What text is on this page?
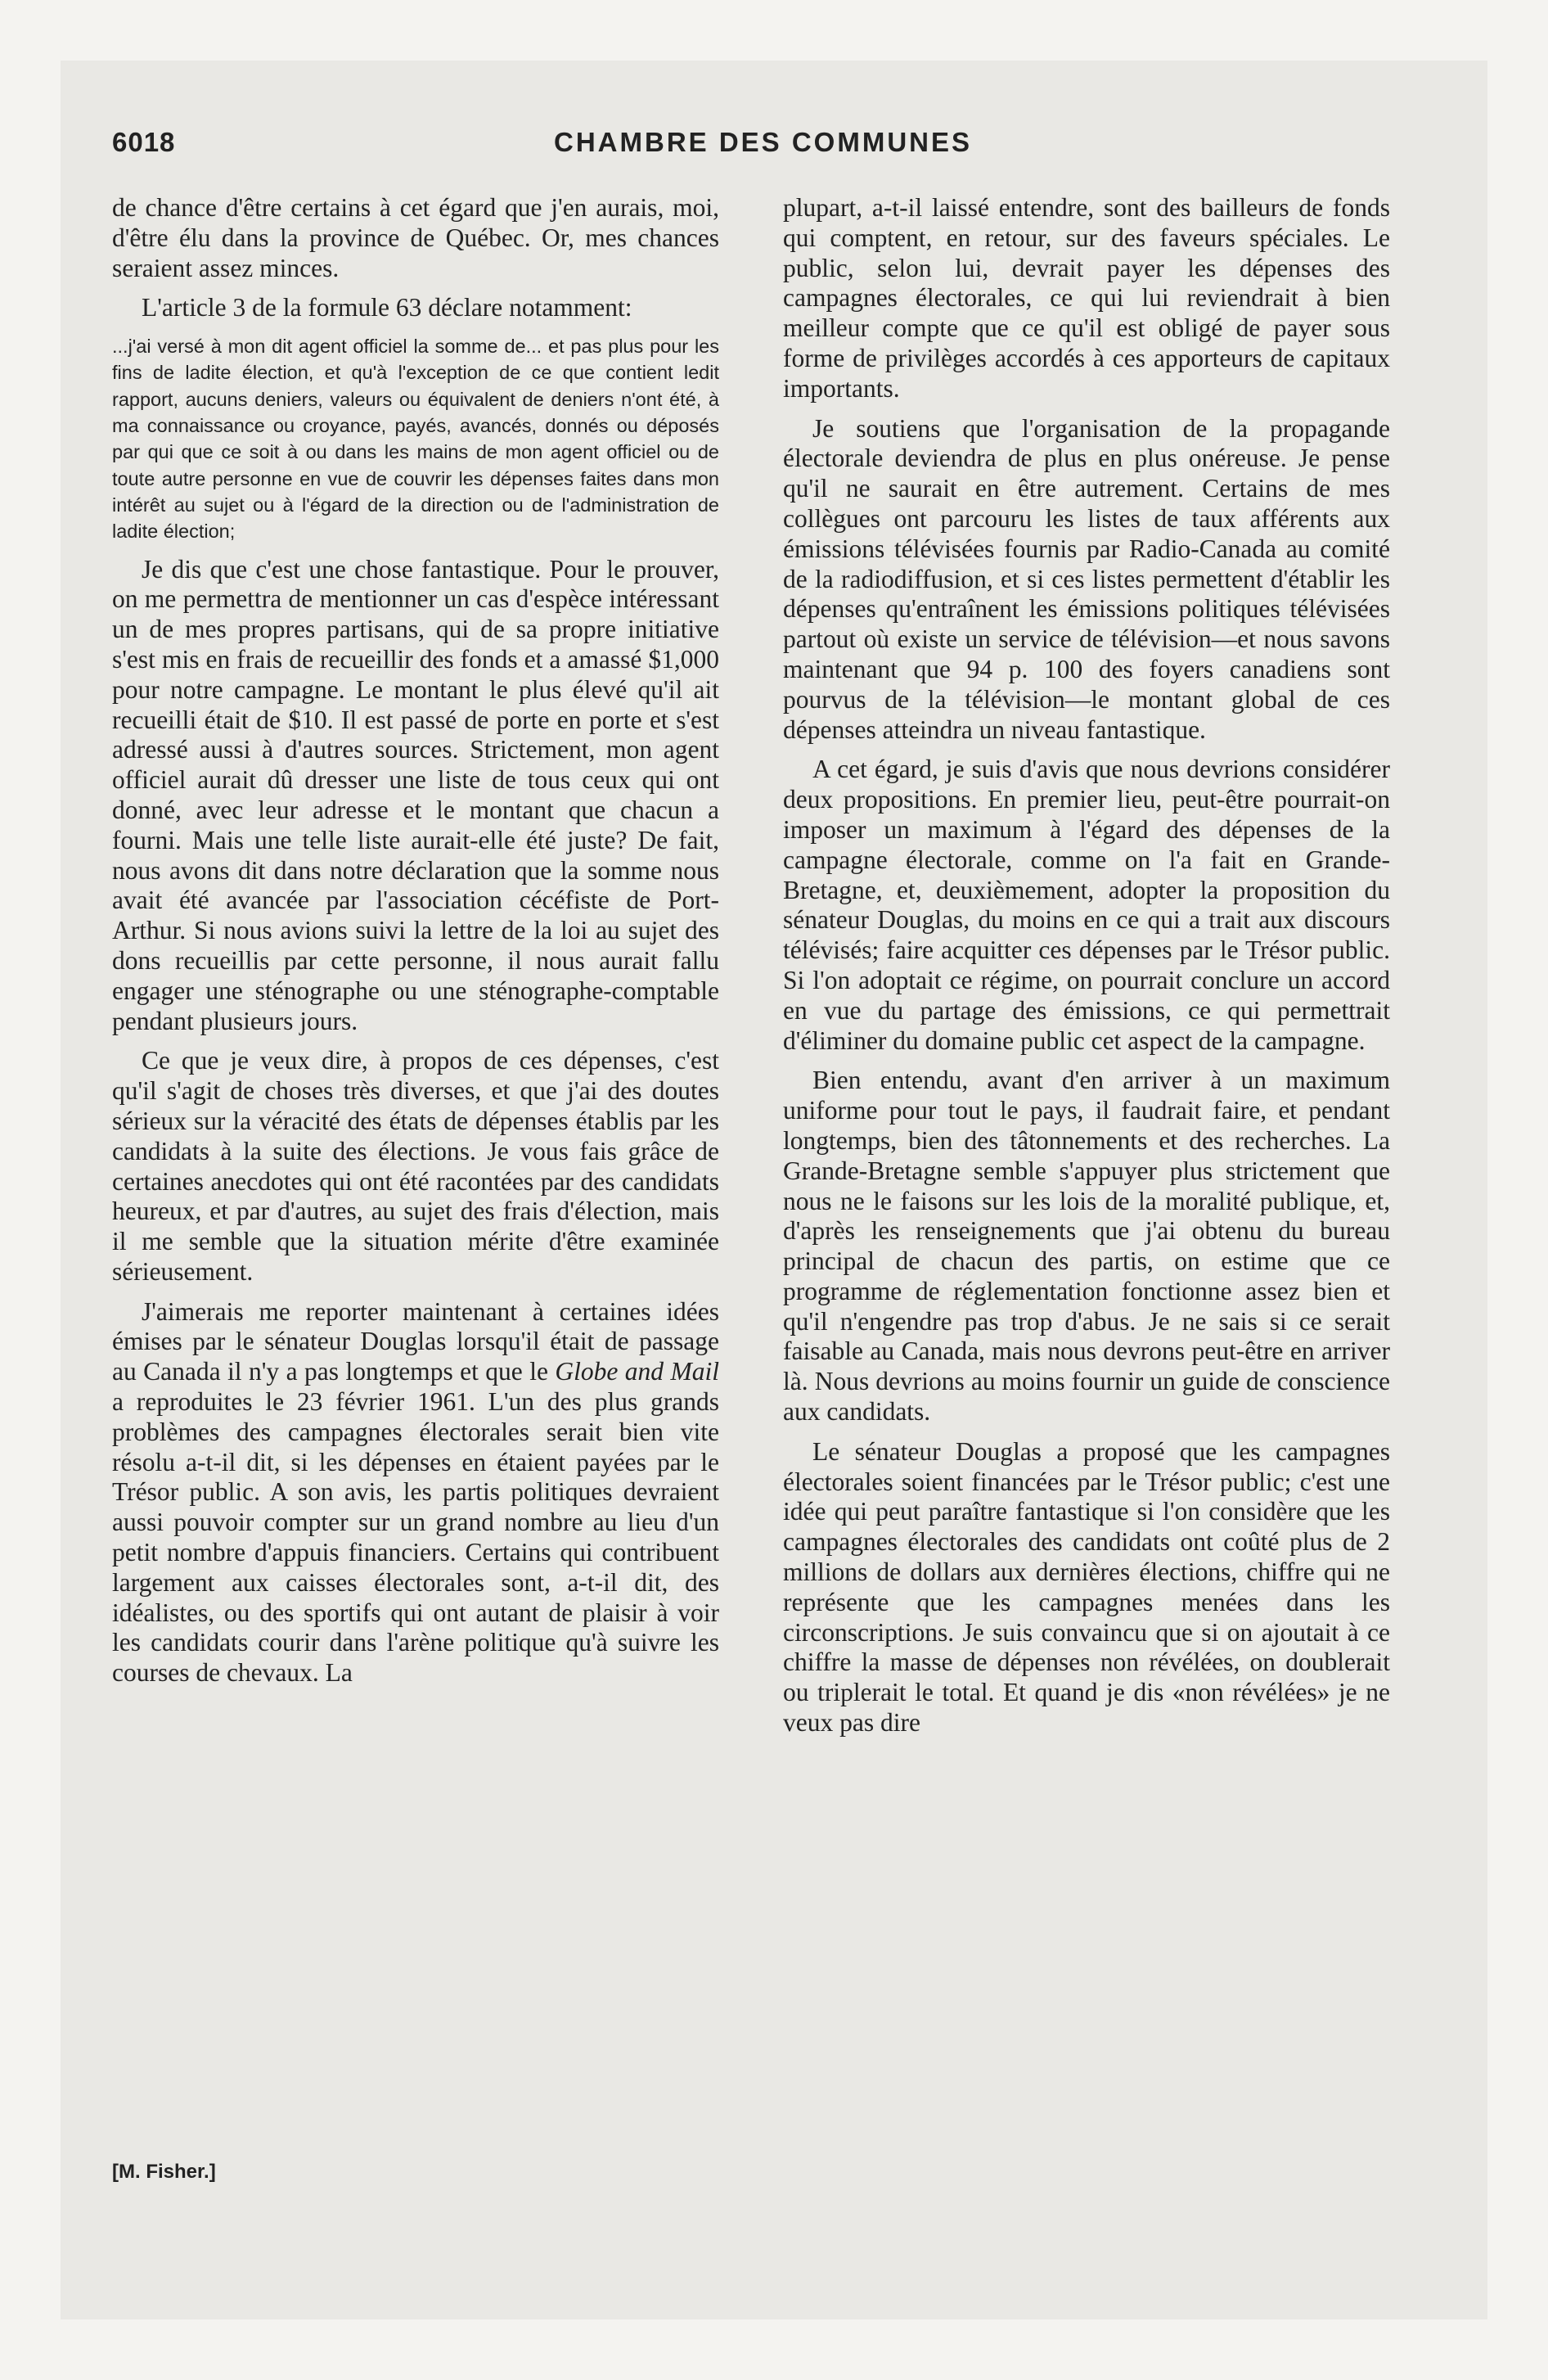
6018	CHAMBRE DES COMMUNES

de chance d'être certains à cet égard que j'en aurais, moi, d'être élu dans la province de Québec. Or, mes chances seraient assez minces.

L'article 3 de la formule 63 déclare notamment:

...j'ai versé à mon dit agent officiel la somme de... et pas plus pour les fins de ladite élection, et qu'à l'exception de ce que contient ledit rapport, aucuns deniers, valeurs ou équivalent de deniers n'ont été, à ma connaissance ou croyance, payés, avancés, donnés ou déposés par qui que ce soit à ou dans les mains de mon agent officiel ou de toute autre personne en vue de couvrir les dépenses faites dans mon intérêt au sujet ou à l'égard de la direction ou de l'administration de ladite élection;

Je dis que c'est une chose fantastique. Pour le prouver, on me permettra de mentionner un cas d'espèce intéressant un de mes propres partisans, qui de sa propre initiative s'est mis en frais de recueillir des fonds et a amassé $1,000 pour notre campagne. Le montant le plus élevé qu'il ait recueilli était de $10. Il est passé de porte en porte et s'est adressé aussi à d'autres sources. Strictement, mon agent officiel aurait dû dresser une liste de tous ceux qui ont donné, avec leur adresse et le montant que chacun a fourni. Mais une telle liste aurait-elle été juste? De fait, nous avons dit dans notre déclaration que la somme nous avait été avancée par l'association cécéfiste de Port-Arthur. Si nous avions suivi la lettre de la loi au sujet des dons recueillis par cette personne, il nous aurait fallu engager une sténographe ou une sténographe-comptable pendant plusieurs jours.

Ce que je veux dire, à propos de ces dépenses, c'est qu'il s'agit de choses très diverses, et que j'ai des doutes sérieux sur la véracité des états de dépenses établis par les candidats à la suite des élections. Je vous fais grâce de certaines anecdotes qui ont été racontées par des candidats heureux, et par d'autres, au sujet des frais d'élection, mais il me semble que la situation mérite d'être examinée sérieusement.

J'aimerais me reporter maintenant à certaines idées émises par le sénateur Douglas lorsqu'il était de passage au Canada il n'y a pas longtemps et que le Globe and Mail a reproduites le 23 février 1961. L'un des plus grands problèmes des campagnes électorales serait bien vite résolu a-t-il dit, si les dépenses en étaient payées par le Trésor public. A son avis, les partis politiques devraient aussi pouvoir compter sur un grand nombre au lieu d'un petit nombre d'appuis financiers. Certains qui contribuent largement aux caisses électorales sont, a-t-il dit, des idéalistes, ou des sportifs qui ont autant de plaisir à voir les candidats courir dans l'arène politique qu'à suivre les courses de chevaux. La

plupart, a-t-il laissé entendre, sont des bailleurs de fonds qui comptent, en retour, sur des faveurs spéciales. Le public, selon lui, devrait payer les dépenses des campagnes électorales, ce qui lui reviendrait à bien meilleur compte que ce qu'il est obligé de payer sous forme de privilèges accordés à ces apporteurs de capitaux importants.

Je soutiens que l'organisation de la propagande électorale deviendra de plus en plus onéreuse. Je pense qu'il ne saurait en être autrement. Certains de mes collègues ont parcouru les listes de taux afférents aux émissions télévisées fournis par Radio-Canada au comité de la radiodiffusion, et si ces listes permettent d'établir les dépenses qu'entraînent les émissions politiques télévisées partout où existe un service de télévision—et nous savons maintenant que 94 p. 100 des foyers canadiens sont pourvus de la télévision—le montant global de ces dépenses atteindra un niveau fantastique.

A cet égard, je suis d'avis que nous devrions considérer deux propositions. En premier lieu, peut-être pourrait-on imposer un maximum à l'égard des dépenses de la campagne électorale, comme on l'a fait en Grande-Bretagne, et, deuxièmement, adopter la proposition du sénateur Douglas, du moins en ce qui a trait aux discours télévisés; faire acquitter ces dépenses par le Trésor public. Si l'on adoptait ce régime, on pourrait conclure un accord en vue du partage des émissions, ce qui permettrait d'éliminer du domaine public cet aspect de la campagne.

Bien entendu, avant d'en arriver à un maximum uniforme pour tout le pays, il faudrait faire, et pendant longtemps, bien des tâtonnements et des recherches. La Grande-Bretagne semble s'appuyer plus strictement que nous ne le faisons sur les lois de la moralité publique, et, d'après les renseignements que j'ai obtenu du bureau principal de chacun des partis, on estime que ce programme de réglementation fonctionne assez bien et qu'il n'engendre pas trop d'abus. Je ne sais si ce serait faisable au Canada, mais nous devrons peut-être en arriver là. Nous devrions au moins fournir un guide de conscience aux candidats.

Le sénateur Douglas a proposé que les campagnes électorales soient financées par le Trésor public; c'est une idée qui peut paraître fantastique si l'on considère que les campagnes électorales des candidats ont coûté plus de 2 millions de dollars aux dernières élections, chiffre qui ne représente que les campagnes menées dans les circonscriptions. Je suis convaincu que si on ajoutait à ce chiffre la masse de dépenses non révélées, on doublerait ou triplerait le total. Et quand je dis «non révélées» je ne veux pas dire

[M. Fisher.]
